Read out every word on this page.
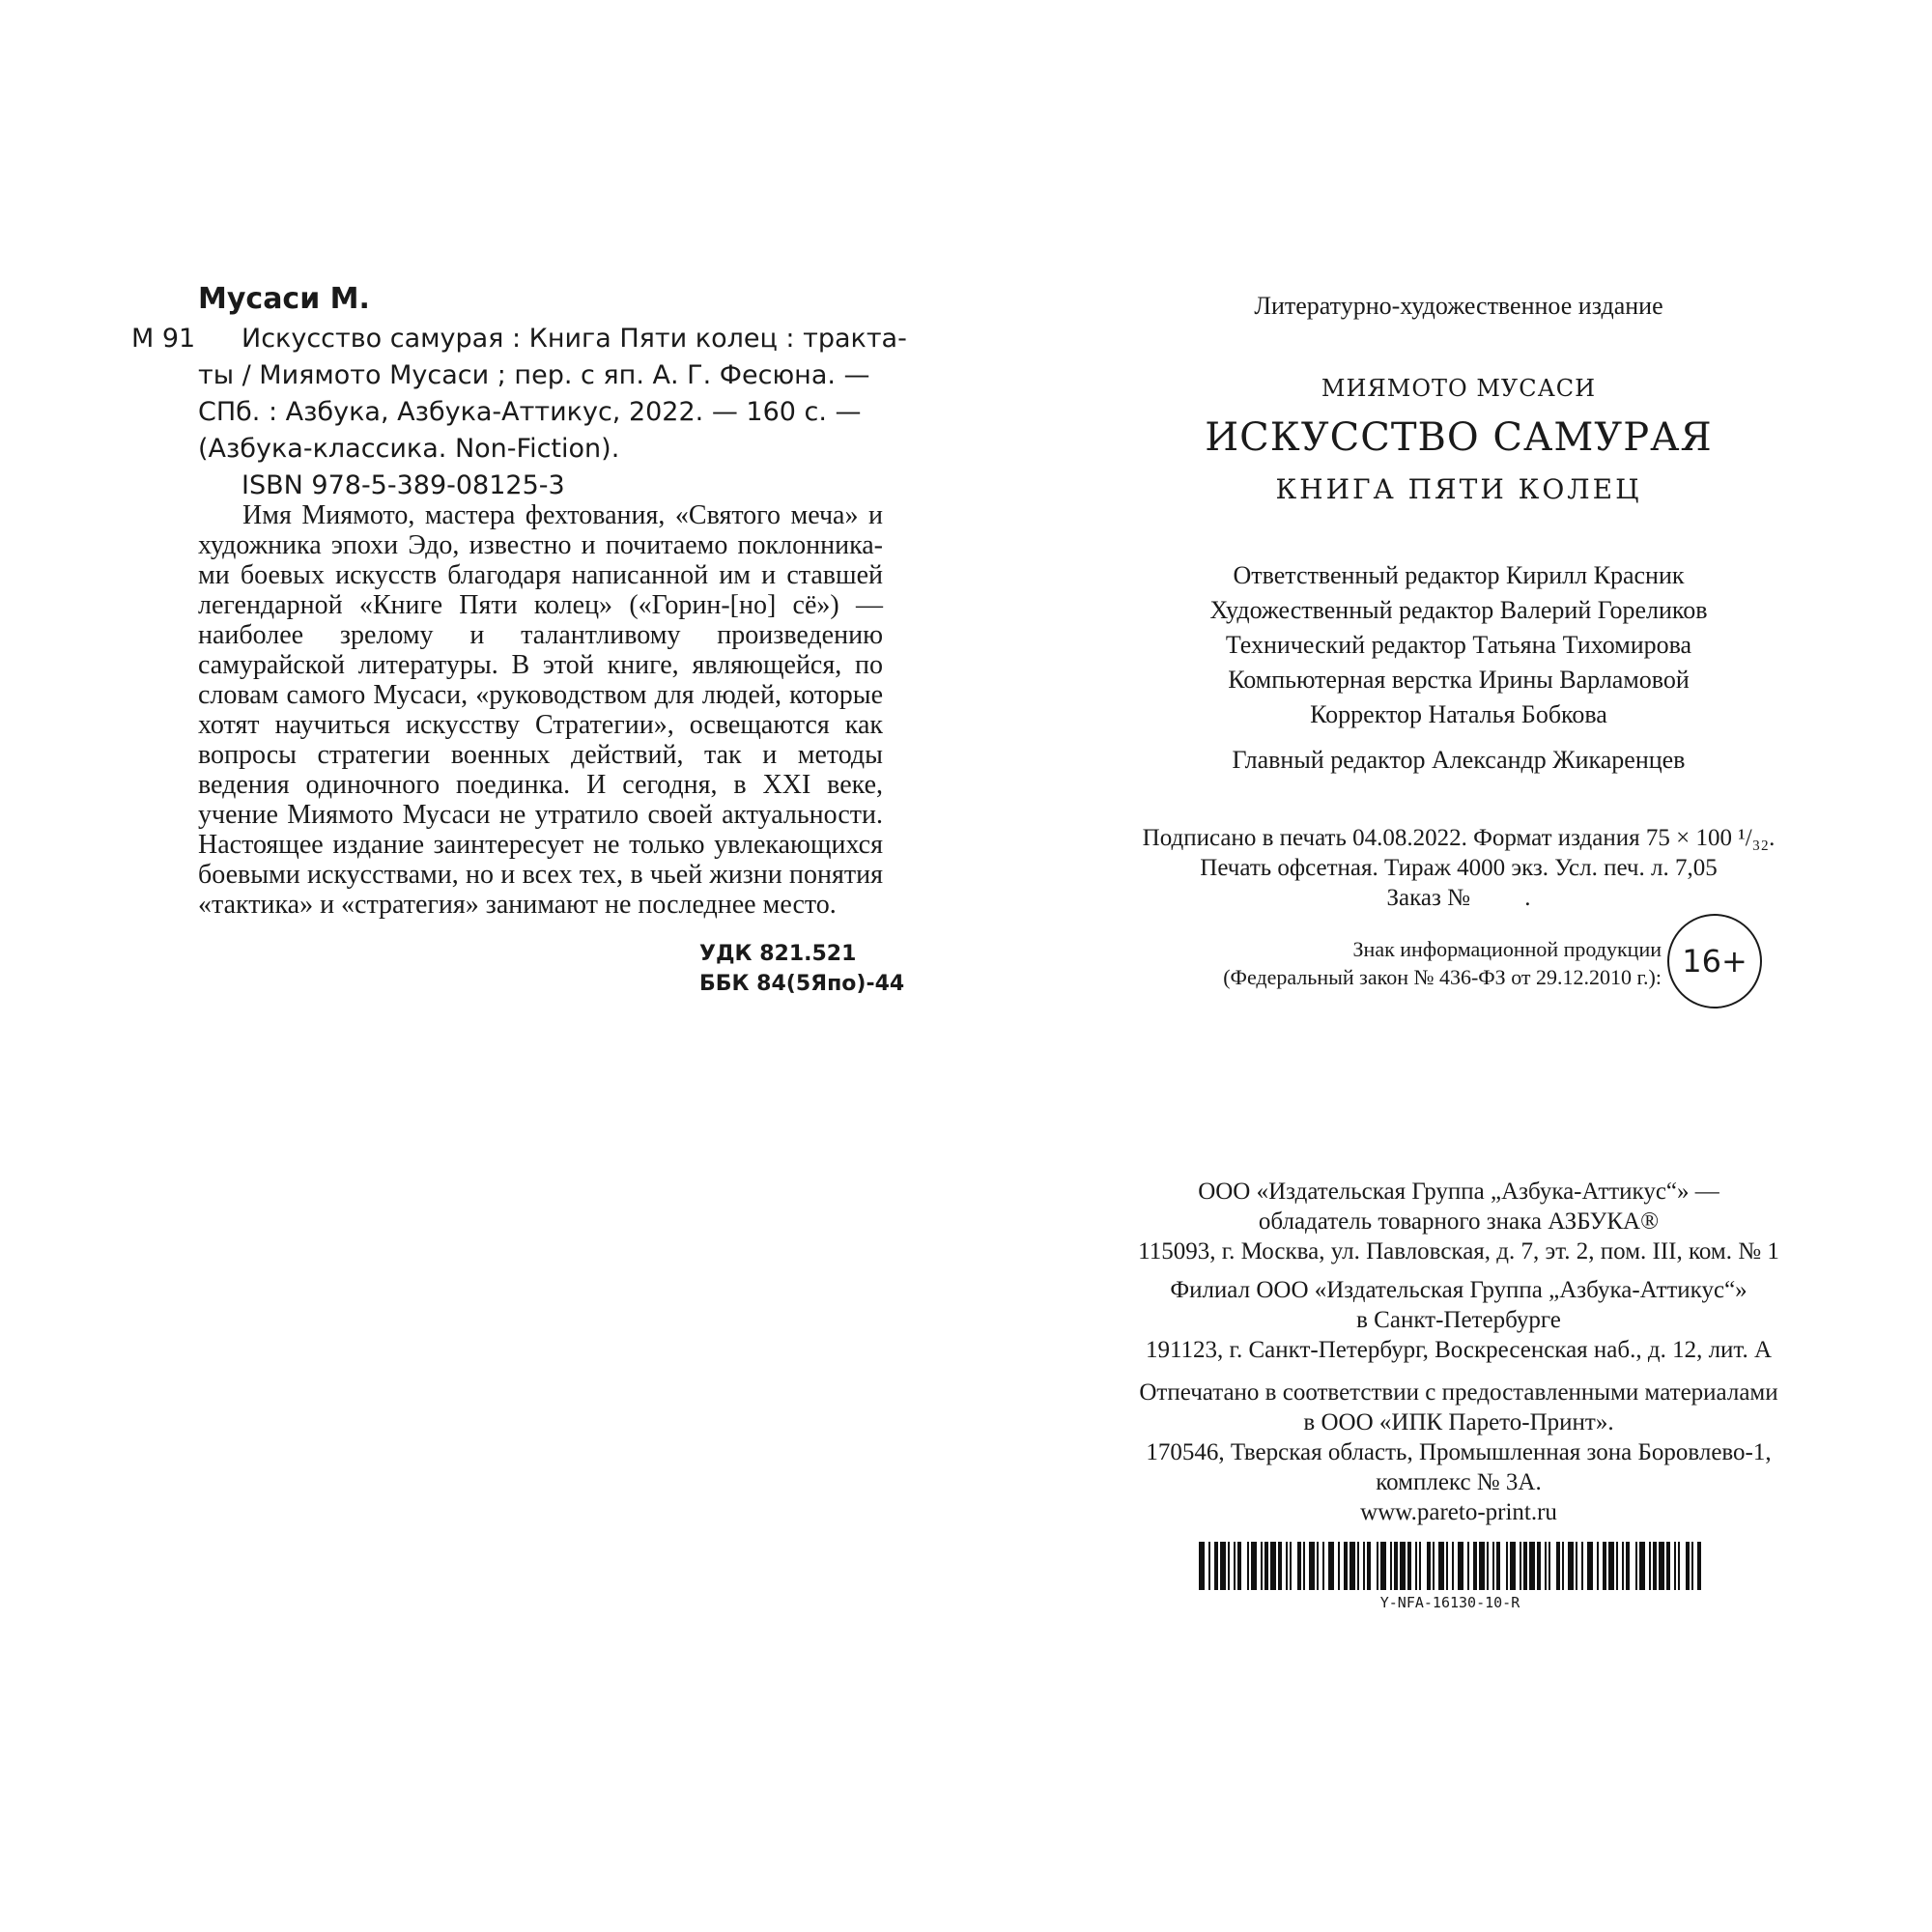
Мусаси М.
М 91 Искусство самурая : Книга Пяти колец : тракта-
ты / Миямото Мусаси ; пер. с яп. А. Г. Фесюна. —
СПб. : Азбука, Азбука-Аттикус, 2022. — 160 с. —
(Азбука-классика. Non-Fiction).
ISBN 978-5-389-08125-3

Имя Миямото, мастера фехтования, «Святого меча» и художника эпохи Эдо, известно и почитаемо поклонниками боевых искусств благодаря написанной им и ставшей легендарной «Книге Пяти колец» («Горин-[но] сё») — наиболее зрелому и талантливому произведению самурайской литературы. В этой книге, являющейся, по словам самого Мусаси, «руководством для людей, которые хотят научиться искусству Стратегии», освещаются как вопросы стратегии военных действий, так и методы ведения одиночного поединка. И сегодня, в XXI веке, учение Миямото Мусаси не утратило своей актуальности. Настоящее издание заинтересует не только увлекающихся боевыми искусствами, но и всех тех, в чьей жизни понятия «тактика» и «стратегия» занимают не последнее место.

УДК 821.521
ББК 84(5Япо)-44
Литературно-художественное издание
МИЯМОТО МУСАСИ
ИСКУССТВО САМУРАЯ
КНИГА ПЯТИ КОЛЕЦ
Ответственный редактор Кирилл Красник
Художественный редактор Валерий Гореликов
Технический редактор Татьяна Тихомирова
Компьютерная верстка Ирины Варламовой
Корректор Наталья Бобкова
Главный редактор Александр Жикаренцев
Подписано в печать 04.08.2022. Формат издания 75 × 100 ¹/₃₂.
Печать офсетная. Тираж 4000 экз. Усл. печ. л. 7,05
Заказ №         .
Знак информационной продукции
(Федеральный закон № 436-ФЗ от 29.12.2010 г.): 16+
ООО «Издательская Группа „Азбука-Аттикус“» —
обладатель товарного знака АЗБУКА®
115093, г. Москва, ул. Павловская, д. 7, эт. 2, пом. III, ком. № 1
Филиал ООО «Издательская Группа „Азбука-Аттикус“»
в Санкт-Петербурге
191123, г. Санкт-Петербург, Воскресенская наб., д. 12, лит. А
Отпечатано в соответствии с предоставленными материалами
в ООО «ИПК Парето-Принт».
170546, Тверская область, Промышленная зона Боровлево-1,
комплекс № 3А.
www.pareto-print.ru
Y-NFA-16130-10-R
